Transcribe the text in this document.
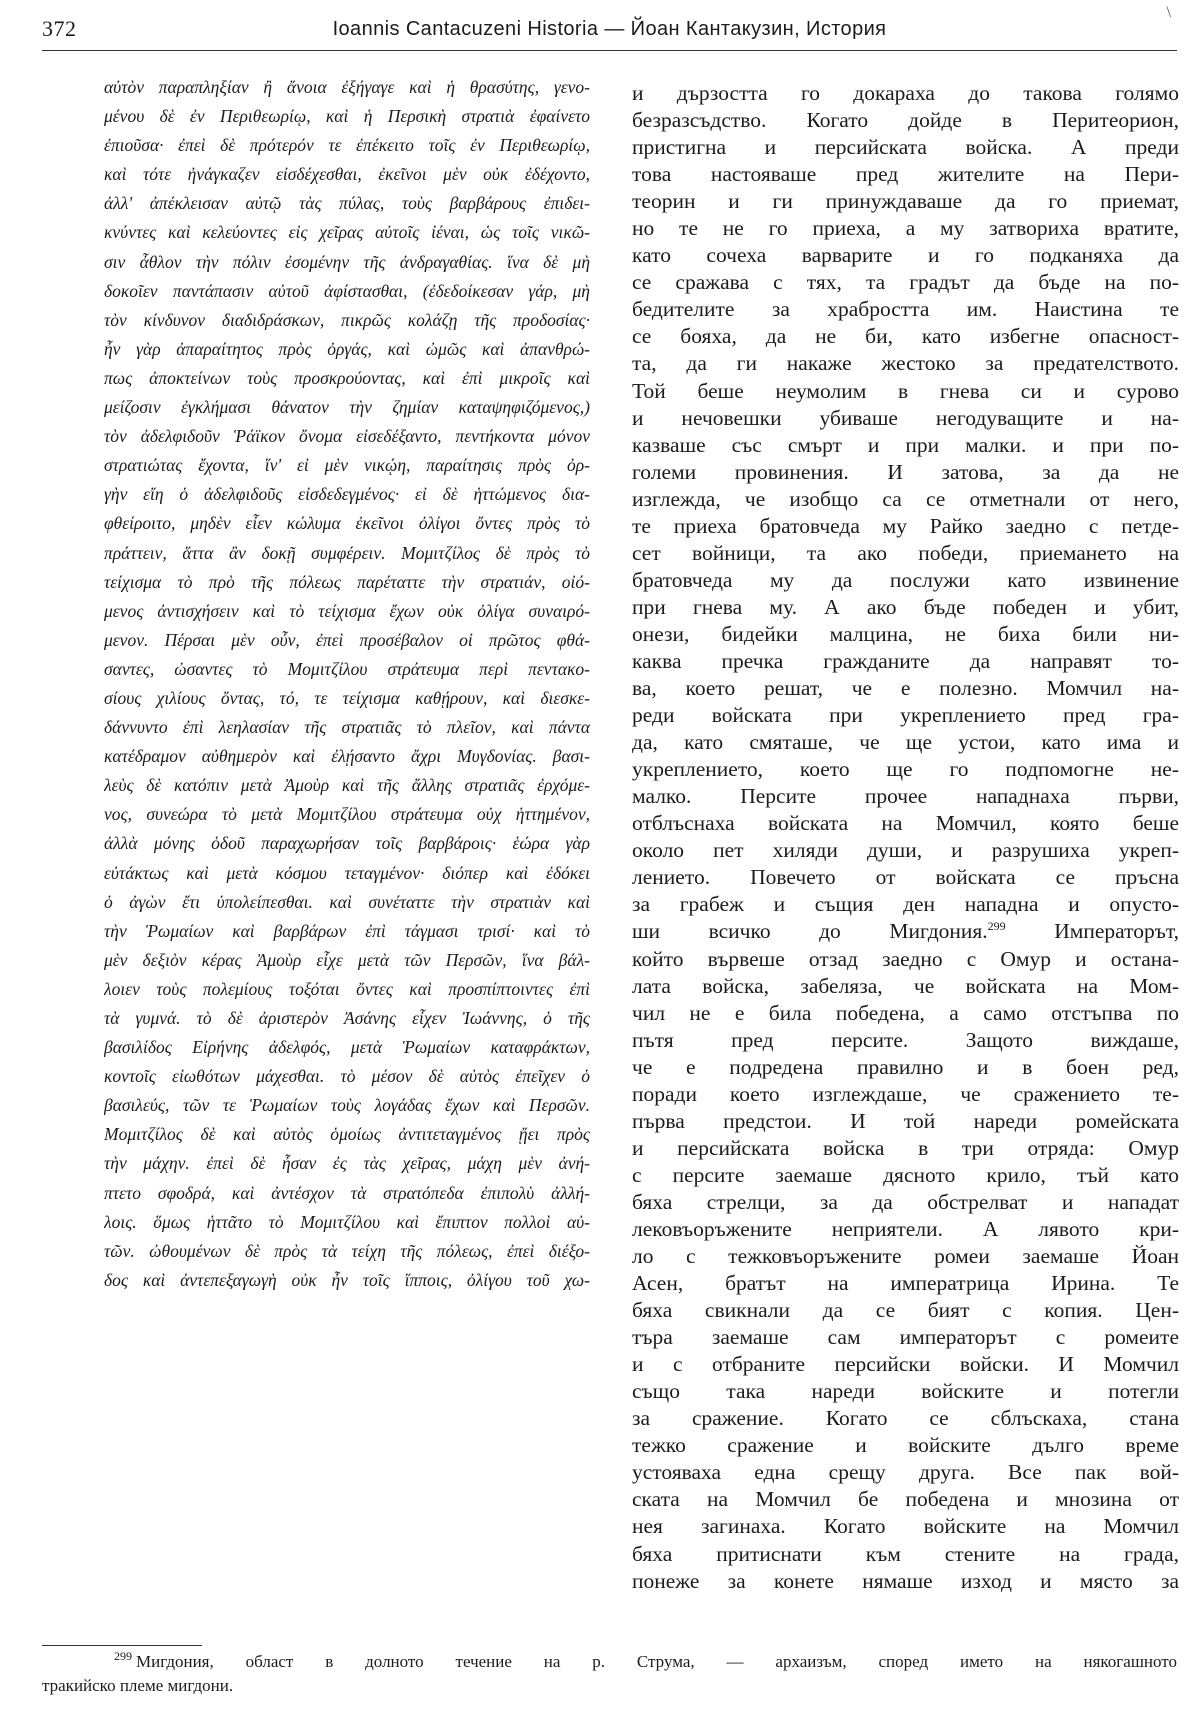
372	Ioannis Cantacuzeni Historia — Йоан Кантакузин, История
\
αὐτὸν παραπληξίαν ἢ ἄνοια ἐξήγαγε καὶ ἡ θρασύτης, γενο-
μένου δὲ ἐν Περιθεωρίῳ, καὶ ἡ Περσικὴ στρατιὰ ἐφαίνετο
ἐπιοῦσα· ἐπεὶ δὲ πρότερόν τε ἐπέκειτο τοῖς ἐν Περιθεωρίῳ,
καὶ τότε ἠνάγκαζεν εἰσδέχεσθαι, ἐκεῖνοι μὲν οὐκ ἐδέχοντο,
ἀλλ' ἀπέκλεισαν αὐτῷ τὰς πύλας, τοὺς βαρβάρους ἐπιδει-
κνύντες καὶ κελεύοντες εἰς χεῖρας αὐτοῖς ἰέναι, ὡς τοῖς νικῶ-
σιν ἆθλον τὴν πόλιν ἐσομένην τῆς ἀνδραγαθίας. ἵνα δὲ μὴ
δοκοῖεν παντάπασιν αὐτοῦ ἀφίστασθαι, (ἐδεδοίκεσαν γάρ, μὴ
τὸν κίνδυνον διαδιδράσκων, πικρῶς κολάζῃ τῆς προδοσίας·
ἦν γὰρ ἀπαραίτητος πρὸς ὀργάς, καὶ ὠμῶς καὶ ἀπανθρώ-
πως ἀποκτείνων τοὺς προσκρούοντας, καὶ ἐπὶ μικροῖς καὶ
μείζοσιν ἐγκλήμασι θάνατον τὴν ζημίαν καταψηφιζόμενος,)
τὸν ἀδελφιδοῦν Ῥάϊκον ὄνομα εἰσεδέξαντο, πεντήκοντα μόνον
στρατιώτας ἔχοντα, ἵν' εἰ μὲν νικῴη, παραίτησις πρὸς ὀρ-
γὴν εἴη ὁ ἀδελφιδοῦς εἰσδεδεγμένος· εἰ δὲ ἡττώμενος δια-
φθείροιτο, μηδὲν εἶεν κώλυμα ἐκεῖνοι ὀλίγοι ὄντες πρὸς τὸ
πράττειν, ἅττα ἂν δοκῇ συμφέρειν. Μομιτζίλος δὲ πρὸς τὸ
τείχισμα τὸ πρὸ τῆς πόλεως παρέταττε τὴν στρατιάν, οἰό-
μενος ἀντισχήσειν καὶ τὸ τείχισμα ἔχων οὐκ ὀλίγα συναιρό-
μενον. Πέρσαι μὲν οὖν, ἐπεὶ προσέβαλον οἱ πρῶτος φθά-
σαντες, ὠσαντες τὸ Μομιτζίλου στράτευμα περὶ πεντακο-
σίους χιλίους ὄντας, τό, τε τείχισμα καθῄρουν, καὶ διεσκε-
δάννυντο ἐπὶ λεηλασίαν τῆς στρατιᾶς τὸ πλεῖον, καὶ πάντα
κατέδραμον αὐθημερὸν καὶ ἐλῄσαντο ἄχρι Μυγδονίας. βασι-
λεὺς δὲ κατόπιν μετὰ Ἀμοὺρ καὶ τῆς ἄλλης στρατιᾶς ἐρχόμε-
νος, συνεώρα τὸ μετὰ Μομιτζίλου στράτευμα οὐχ ἡττημένον,
ἀλλὰ μόνης ὁδοῦ παραχωρήσαν τοῖς βαρβάροις· ἑώρα γὰρ
εὐτάκτως καὶ μετὰ κόσμου τεταγμένον· διόπερ καὶ ἐδόκει
ὁ ἀγὼν ἔτι ὑπολείπεσθαι. καὶ συνέταττε τὴν στρατιὰν καὶ
τὴν Ῥωμαίων καὶ βαρβάρων ἐπὶ τάγμασι τρισί· καὶ τὸ
μὲν δεξιὸν κέρας Ἀμοὺρ εἶχε μετὰ τῶν Περσῶν, ἵνα βάλ-
λοιεν τοὺς πολεμίους τοξόται ὄντες καὶ προσπίπτοιντες ἐπὶ
τὰ γυμνά. τὸ δὲ ἀριστερὸν Ἀσάνης εἶχεν Ἰωάννης, ὁ τῆς
βασιλίδος Εἰρήνης ἀδελφός, μετὰ Ῥωμαίων καταφράκτων,
κοντοῖς εἰωθότων μάχεσθαι. τὸ μέσον δὲ αὐτὸς ἐπεῖχεν ὁ
βασιλεύς, τῶν τε Ῥωμαίων τοὺς λογάδας ἔχων καὶ Περσῶν.
Μομιτζίλος δὲ καὶ αὐτὸς ὁμοίως ἀντιτεταγμένος ᾔει πρὸς
τὴν μάχην. ἐπεὶ δὲ ἦσαν ἐς τὰς χεῖρας, μάχη μὲν ἀνή-
πτετο σφοδρά, καὶ ἀντέσχον τὰ στρατόπεδα ἐπιπολὺ ἀλλή-
λοις. ὅμως ἡττᾶτο τὸ Μομιτζίλου καὶ ἔπιπτον πολλοὶ αὐ-
τῶν. ὠθουμένων δὲ πρὸς τὰ τείχη τῆς πόλεως, ἐπεὶ διέξο-
δος καὶ ἀντεπεξαγωγὴ οὐκ ἦν τοῖς ἵπποις, ὀλίγου τοῦ χω-
и дързостта го докараха до такова голямо
безразсъдство. Когато дойде в Перитеорион,
пристигна и персийската войска. А преди
това настояваше пред жителите на Пери-
теорин и ги принуждаваше да го приемат,
но те не го приеха, а му затвориха вратите,
като сочеха варварите и го подканяха да
се сражава с тях, та градът да бъде на по-
бедителите за храбростта им. Наистина те
се бояха, да не би, като избегне опасност-
та, да ги накаже жестоко за предателството.
Той беше неумолим в гнева си и сурово
и нечовешки убиваше негодуващите и на-
казваше със смърт и при малки. и при по-
големи провинения. И затова, за да не
изглежда, че изобщо са се отметнали от него,
те приеха братовчеда му Райко заедно с петде-
сет войници, та ако победи, приемането на
братовчеда му да послужи като извинение
при гнева му. А ако бъде победен и убит,
онези, бидейки малцина, не биха били ни-
каква пречка гражданите да направят то-
ва, което решат, че е полезно. Момчил на-
реди войската при укреплението пред гра-
да, като смяташе, че ще устои, като има и
укреплението, което ще го подпомогне не-
малко. Персите прочее нападнаха първи,
отблъснаха войската на Момчил, която беше
около пет хиляди души, и разрушиха укреп-
лението. Повечето от войската се пръсна
за грабеж и същия ден нападна и опусто-
ши всичко до Мигдония.$^{299}$ Императорът,
който вървеше отзад заедно с Омур и остана-
лата войска, забеляза, че войската на Мом-
чил не е била победена, а само отстъпва по
пътя пред персите. Защото виждаше,
че е подредена правилно и в боен ред,
поради което изглеждаше, че сражението те-
първа предстои. И той нареди ромейската
и персийската войска в три отряда: Омур
с персите заемаше дясното крило, тъй като
бяха стрелци, за да обстрелват и нападат
лековъоръжените неприятели. А лявото кри-
ло с тежковъоръжените ромеи заемаше Йоан
Асен, братът на императрица Ирина. Те
бяха свикнали да се бият с копия. Цен-
търа заемаше сам императорът с ромеите
и с отбраните персийски войски. И Момчил
също така нареди войските и потегли
за сражение. Когато се сблъскаха, стана
тежко сражение и войските дълго време
устояваха една срещу друга. Все пак вой-
ската на Момчил бе победена и мнозина от
нея загинаха. Когато войските на Момчил
бяха притиснати към стените на града,
понеже за конете нямаше изход и място за
$^{299}$ Мигдония, област в долното течение на р. Струма, — архаизъм, според името на някогашното
тракийско племе мигдони.
